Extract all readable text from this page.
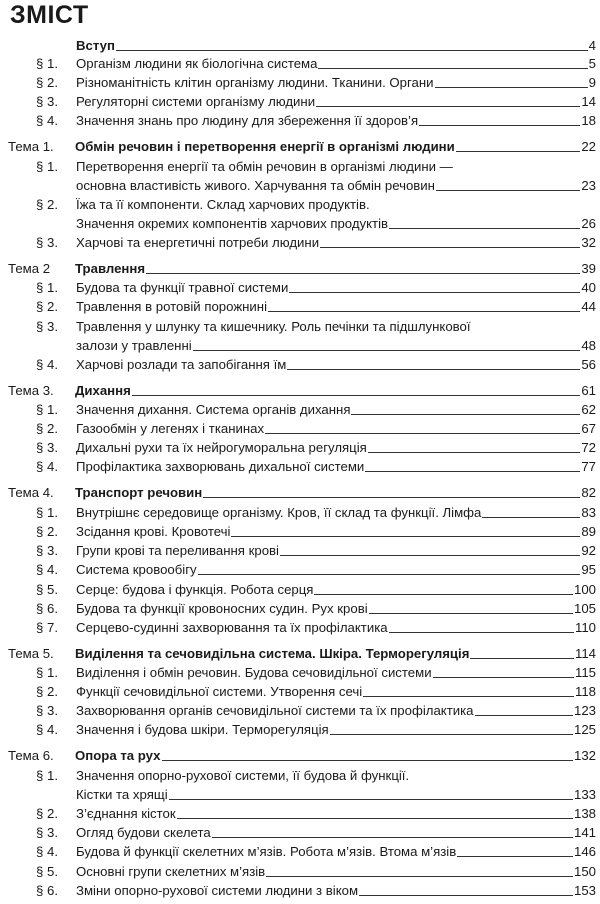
ЗМІСТ
Вступ	4
§ 1. Організм людини як біологічна система	5
§ 2. Різноманітність клітин організму людини. Тканини. Органи	9
§ 3. Регуляторні системи організму людини	14
§ 4. Значення знань про людину для збереження її здоров’я	18
Тема 1. Обмін речовин і перетворення енергії в організмі людини	22
§ 1. Перетворення енергії та обмін речовин в організмі людини —
основна властивість живого. Харчування та обмін речовин	23
§ 2. Їжа та її компоненти. Склад харчових продуктів.
Значення окремих компонентів харчових продуктів	26
§ 3. Харчові та енергетичні потреби людини	32
Тема 2 Травлення	39
§ 1. Будова та функції травної системи	40
§ 2. Травлення в ротовій порожнині	44
§ 3. Травлення у шлунку та кишечнику. Роль печінки та підшлункової
залози у травленні	48
§ 4. Харчові розлади та запобігання їм	56
Тема 3. Дихання	61
§ 1. Значення дихання. Система органів дихання	62
§ 2. Газообмін у легенях і тканинах	67
§ 3. Дихальні рухи та їх нейрогуморальна регуляція	72
§ 4. Профілактика захворювань дихальної системи	77
Тема 4. Транспорт речовин	82
§ 1. Внутрішнє середовище організму. Кров, її склад та функції. Лімфа	83
§ 2. Зсідання крові. Кровотечі	89
§ 3. Групи крові та переливання крові	92
§ 4. Система кровообігу	95
§ 5. Серце: будова і функція. Робота серця	100
§ 6. Будова та функції кровоносних судин. Рух крові	105
§ 7. Серцево-судинні захворювання та їх профілактика	110
Тема 5. Виділення та сечовидільна система. Шкіра. Терморегуляція	114
§ 1. Виділення і обмін речовин. Будова сечовидільної системи	115
§ 2. Функції сечовидільної системи. Утворення сечі	118
§ 3. Захворювання органів сечовидільної системи та їх профілактика	123
§ 4. Значення і будова шкіри. Терморегуляція	125
Тема 6. Опора та рух	132
§ 1. Значення опорно-рухової системи, її будова й функції.
Кістки та хрящі	133
§ 2. З’єднання кісток	138
§ 3. Огляд будови скелета	141
§ 4. Будова й функції скелетних м’язів. Робота м’язів. Втома м’язів	146
§ 5. Основні групи скелетних м’язів	150
§ 6. Зміни опорно-рухової системи людини з віком	153
